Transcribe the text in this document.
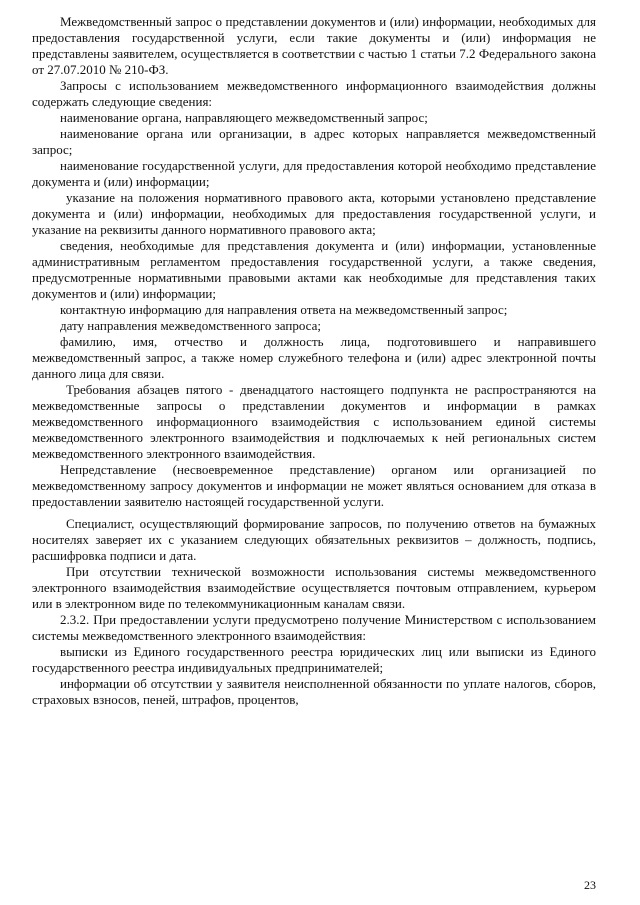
Межведомственный запрос о представлении документов и (или) информации, необходимых для предоставления государственной услуги, если такие документы и (или) информация не представлены заявителем, осуществляется в соответствии с частью 1 статьи 7.2 Федерального закона от 27.07.2010 № 210-ФЗ.

Запросы с использованием межведомственного информационного взаимодействия должны содержать следующие сведения:

наименование органа, направляющего межведомственный запрос;

наименование органа или организации, в адрес которых направляется межведомственный запрос;

наименование государственной услуги, для предоставления которой необходимо представление документа и (или) информации;

указание на положения нормативного правового акта, которыми установлено представление документа и (или) информации, необходимых для предоставления государственной услуги, и указание на реквизиты данного нормативного правового акта;

сведения, необходимые для представления документа и (или) информации, установленные административным регламентом предоставления государственной услуги, а также сведения, предусмотренные нормативными правовыми актами как необходимые для представления таких документов и (или) информации;

контактную информацию для направления ответа на межведомственный запрос;

дату направления межведомственного запроса;

фамилию, имя, отчество и должность лица, подготовившего и направившего межведомственный запрос, а также номер служебного телефона и (или) адрес электронной почты данного лица для связи.

Требования абзацев пятого - двенадцатого настоящего подпункта не распространяются на межведомственные запросы о представлении документов и информации в рамках межведомственного информационного взаимодействия с использованием единой системы межведомственного электронного взаимодействия и подключаемых к ней региональных систем межведомственного электронного взаимодействия.

Непредставление (несвоевременное представление) органом или организацией по межведомственному запросу документов и информации не может являться основанием для отказа в предоставлении заявителю настоящей государственной услуги.

Специалист, осуществляющий формирование запросов, по получению ответов на бумажных носителях заверяет их с указанием следующих обязательных реквизитов – должность, подпись, расшифровка подписи и дата.

При отсутствии технической возможности использования системы межведомственного электронного взаимодействия взаимодействие осуществляется почтовым отправлением, курьером или в электронном виде по телекоммуникационным каналам связи.

2.3.2. При предоставлении услуги предусмотрено получение Министерством с использованием системы межведомственного электронного взаимодействия:

выписки из Единого государственного реестра юридических лиц или выписки из Единого государственного реестра индивидуальных предпринимателей;

информации об отсутствии у заявителя неисполненной обязанности по уплате налогов, сборов, страховых взносов, пеней, штрафов, процентов,

23
